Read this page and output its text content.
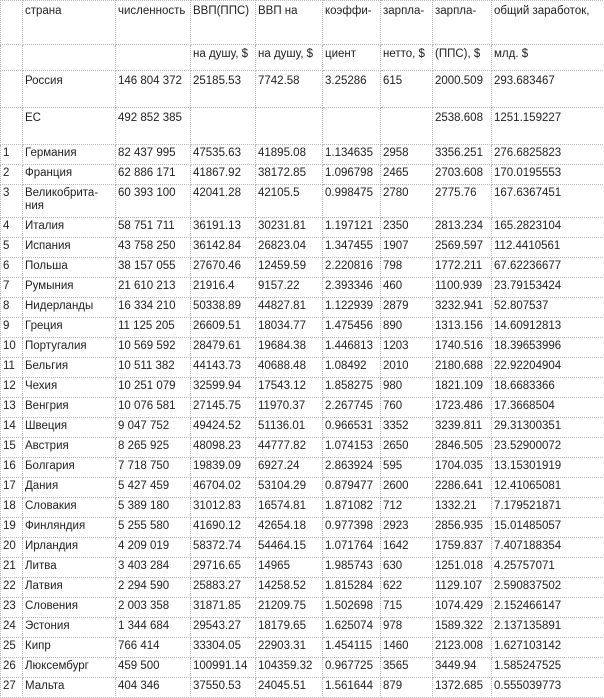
	страна	численность	ВВП(ППС)	ВВП на	коэффи-	зарпла-	зарпла-	общий заработок,
			на душу, $	на душу, $	циент	нетто, $	(ППС), $	млд. $
	Россия	146 804 372	25185.53	7742.58	3.25286	615	2000.509	293.683467
	ЕС	492 852 385					2538.608	1251.159227
1	Германия	82 437 995	47535.63	41895.08	1.134635	2958	3356.251	276.6825823
2	Франция	62 886 171	41867.92	38172.85	1.096798	2465	2703.608	170.0195553
3	Великобрита-ния	60 393 100	42041.28	42105.5	0.998475	2780	2775.76	167.6367451
4	Италия	58 751 711	36191.13	30231.81	1.197121	2350	2813.234	165.2823104
5	Испания	43 758 250	36142.84	26823.04	1.347455	1907	2569.597	112.4410561
6	Польша	38 157 055	27670.46	12459.59	2.220816	798	1772.211	67.62236677
7	Румыния	21 610 213	21916.4	9157.22	2.393346	460	1100.939	23.79153424
8	Нидерланды	16 334 210	50338.89	44827.81	1.122939	2879	3232.941	52.807537
9	Греция	11 125 205	26609.51	18034.77	1.475456	890	1313.156	14.60912813
10	Португалия	10 569 592	28479.61	19684.38	1.446813	1203	1740.516	18.39653996
11	Бельгия	10 511 382	44143.73	40688.48	1.08492	2010	2180.688	22.92204904
12	Чехия	10 251 079	32599.94	17543.12	1.858275	980	1821.109	18.6683366
13	Венгрия	10 076 581	27145.75	11970.37	2.267745	760	1723.486	17.3668504
14	Швеция	9 047 752	49424.52	51136.01	0.966531	3352	3239.811	29.31300351
15	Австрия	8 265 925	48098.23	44777.82	1.074153	2650	2846.505	23.52900072
16	Болгария	7 718 750	19839.09	6927.24	2.863924	595	1704.035	13.15301919
17	Дания	5 427 459	46704.02	53104.29	0.879477	2600	2286.641	12.41065081
18	Словакия	5 389 180	31012.83	16574.81	1.871082	712	1332.21	7.179521871
19	Финляндия	5 255 580	41690.12	42654.18	0.977398	2923	2856.935	15.01485057
20	Ирландия	4 209 019	58372.74	54464.15	1.071764	1642	1759.837	7.407188354
21	Литва	3 403 284	29716.65	14965	1.985743	630	1251.018	4.25757071
22	Латвия	2 294 590	25883.27	14258.52	1.815284	622	1129.107	2.590837502
23	Словения	2 003 358	31871.85	21209.75	1.502698	715	1074.429	2.152466147
24	Эстония	1 344 684	29543.27	18179.65	1.625074	978	1589.322	2.137135891
25	Кипр	766 414	33304.05	22903.31	1.454115	1460	2123.008	1.627103142
26	Люксембург	459 500	100991.14	104359.32	0.967725	3565	3449.94	1.585247525
27	Мальта	404 346	37550.53	24045.51	1.561644	879	1372.685	0.555039773
